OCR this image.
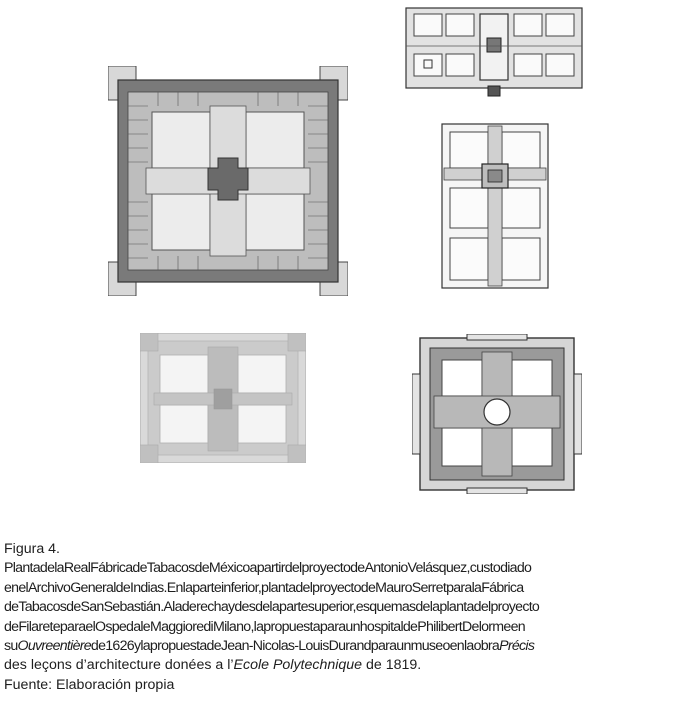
Figura 4.
PlantadelaRealFábricadeTabacosdeMéxicoapartirdelproyectodeAntonioVelásquez,custodiado
enelArchivoGeneraldeIndias.Enlaparteinferior,plantadelproyectodeMauroSerretparalaFábrica
deTabacosdeSanSebastián.Aladerechaydesdelapartesuperior,esquemasdelaplantadelproyecto
deFilareteparaelOspedaleMaggiorediMilano,lapropuestaparaunhospitaldePhilibertDelormeen
suOuvreentièrede1626ylapropuestadeJean-Nicolas-LouisDurandparaunmuseoenlaobraPrécis
des leçons d’architecture donées a l’Ecole Polytechnique de 1819.
Fuente: Elaboración propia
